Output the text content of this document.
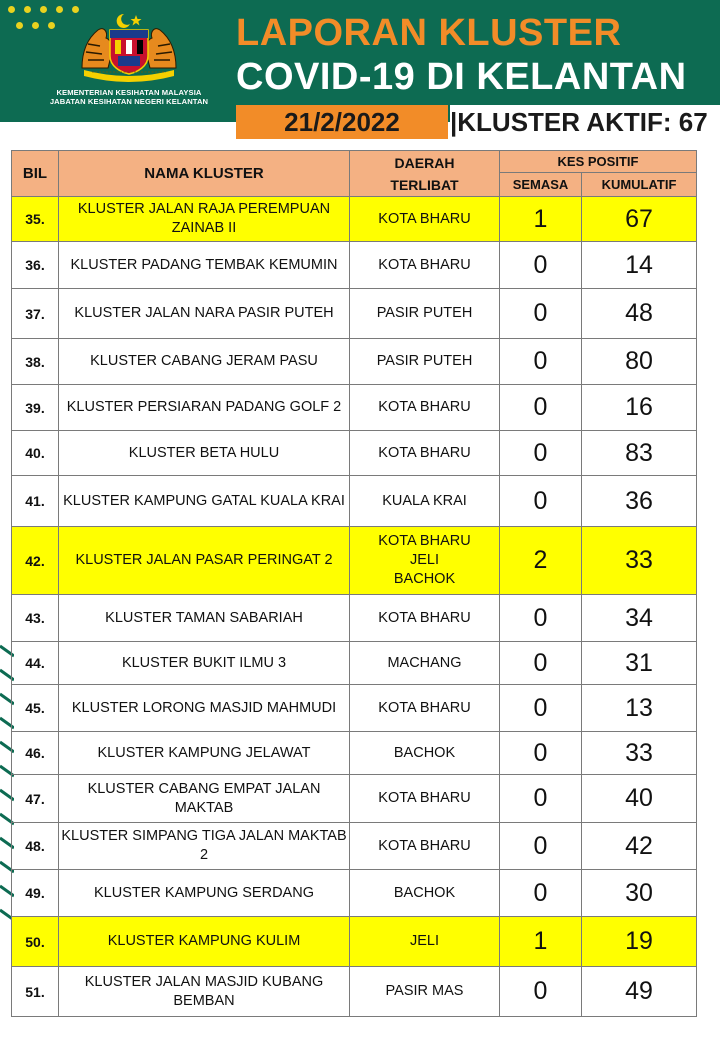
KEMENTERIAN KESIHATAN MALAYSIA
JABATAN KESIHATAN NEGERI KELANTAN
LAPORAN KLUSTER
COVID-19 DI KELANTAN
21/2/2022	|KLUSTER AKTIF: 67
BIL	NAMA KLUSTER	DAERAH
TERLIBAT	KES POSITIF	
			SEMASA	KUMULATIF
35.	KLUSTER JALAN RAJA PEREMPUAN ZAINAB II	KOTA BHARU	1	67
36.	KLUSTER PADANG TEMBAK KEMUMIN	KOTA BHARU	0	14
37.	KLUSTER JALAN NARA PASIR PUTEH	PASIR PUTEH	0	48
38.	KLUSTER CABANG JERAM PASU	PASIR PUTEH	0	80
39.	KLUSTER PERSIARAN PADANG GOLF 2	KOTA BHARU	0	16
40.	KLUSTER BETA HULU	KOTA BHARU	0	83
41.	KLUSTER KAMPUNG GATAL KUALA KRAI	KUALA KRAI	0	36
42.	KLUSTER JALAN PASAR PERINGAT 2	KOTA BHARU
JELI
BACHOK	2	33
43.	KLUSTER TAMAN SABARIAH	KOTA BHARU	0	34
44.	KLUSTER BUKIT ILMU 3	MACHANG	0	31
45.	KLUSTER LORONG MASJID MAHMUDI	KOTA BHARU	0	13
46.	KLUSTER KAMPUNG JELAWAT	BACHOK	0	33
47.	KLUSTER CABANG EMPAT JALAN MAKTAB	KOTA BHARU	0	40
48.	KLUSTER SIMPANG TIGA JALAN MAKTAB 2	KOTA BHARU	0	42
49.	KLUSTER KAMPUNG SERDANG	BACHOK	0	30
50.	KLUSTER KAMPUNG KULIM	JELI	1	19
51.	KLUSTER JALAN MASJID KUBANG BEMBAN	PASIR MAS	0	49
